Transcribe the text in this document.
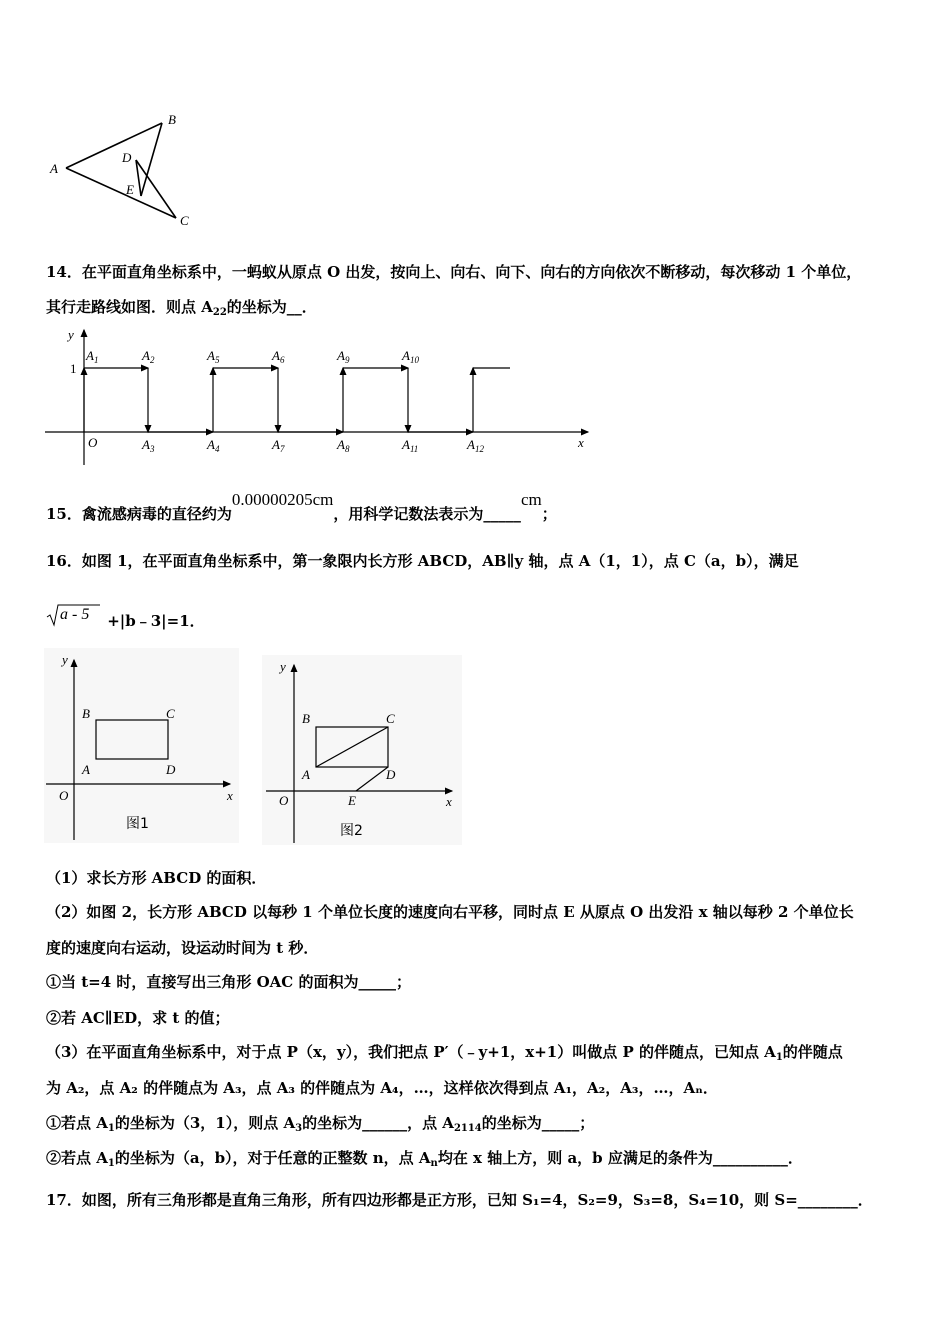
A
B
C
D
E
14．在平面直角坐标系中，一蚂蚁从原点 O 出发，按向上、向右、向下、向右的方向依次不断移动，每次移动 1 个单位，
其行走路线如图．则点 $A_{22}$的坐标为__．
y
x
O
1
$A_1$	$A_2$
$A_3$	$A_4$
$A_5$	$A_6$
$A_7$	$A_8$
$A_9$	$A_{10}$
$A_{11}$	$A_{12}$
15．禽流感病毒的直径约为0.00000205cm，用科学记数法表示为_____cm；
16．如图 1，在平面直角坐标系中，第一象限内长方形 ABCD，AB∥y 轴，点 A（1，1），点 C（a，b），满足
a - 5 +|b﹣3|=1．
y
x
O
A
B	C
D
图1
y
x
O
A
B	C
D
E
图2
（1）求长方形 ABCD 的面积．
（2）如图 2，长方形 ABCD 以每秒 1 个单位长度的速度向右平移，同时点 E 从原点 O 出发沿 x 轴以每秒 2 个单位长
度的速度向右运动，设运动时间为 t 秒．
①当 t=4 时，直接写出三角形 OAC 的面积为_____；
②若 AC∥ED，求 t 的值；
（3）在平面直角坐标系中，对于点 P（x，y），我们把点 P′（﹣y+1，x+1）叫做点 P 的伴随点，已知点 $A_1$的伴随点
为 A₂，点 A₂ 的伴随点为 A₃，点 A₃ 的伴随点为 A₄，…，这样依次得到点 A₁，A₂，A₃，…，Aₙ．
①若点 $A_1$的坐标为（3，1），则点 $A_3$的坐标为______，点 $A_{2114}$的坐标为_____；
②若点 $A_1$的坐标为（a，b），对于任意的正整数 n，点 $A_n$均在 x 轴上方，则 a，b 应满足的条件为__________．
17．如图，所有三角形都是直角三角形，所有四边形都是正方形，已知 S₁=4，S₂=9，S₃=8，S₄=10，则 S=________．
